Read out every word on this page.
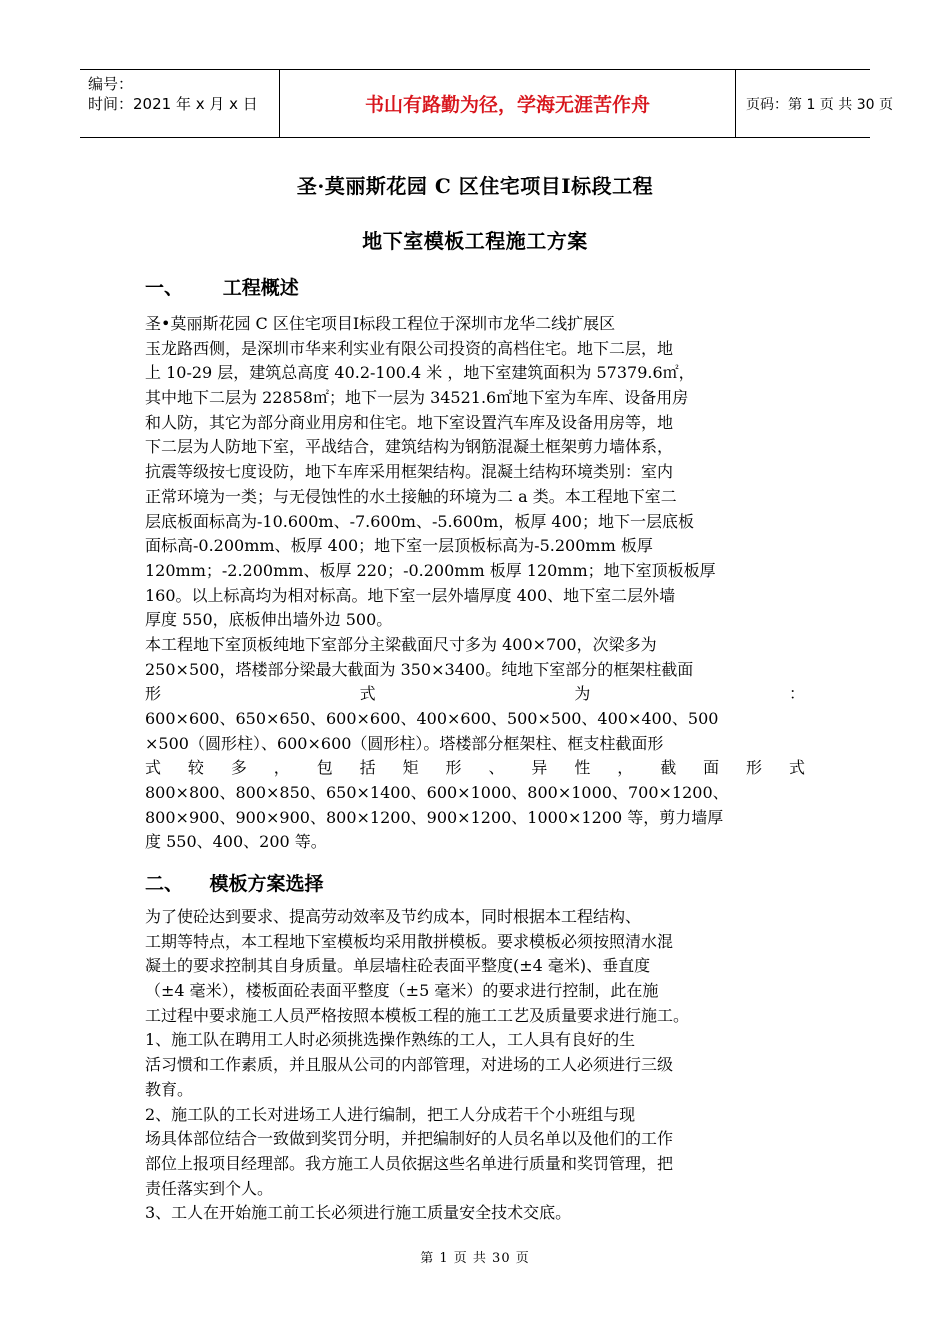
编号：
时间：2021 年 x 月 x 日	书山有路勤为径，学海无涯苦作舟	页码：第 1 页 共 30 页
圣·莫丽斯花园 C 区住宅项目Ⅰ标段工程
地下室模板工程施工方案
一、      工程概述
圣•莫丽斯花园 C 区住宅项目Ⅰ标段工程位于深圳市龙华二线扩展区
玉龙路西侧，是深圳市华来利实业有限公司投资的高档住宅。地下二层，地
上 10-29 层，建筑总高度 40.2-100.4 米 ，地下室建筑面积为 57379.6㎡，
其中地下二层为 22858㎡；地下一层为 34521.6㎡地下室为车库、设备用房
和人防，其它为部分商业用房和住宅。地下室设置汽车库及设备用房等，地
下二层为人防地下室，平战结合，建筑结构为钢筋混凝土框架剪力墙体系，
抗震等级按七度设防，地下车库采用框架结构。混凝土结构环境类别：室内
正常环境为一类；与无侵蚀性的水土接触的环境为二 a 类。本工程地下室二
层底板面标高为-10.600m、-7.600m、-5.600m，板厚 400；地下一层底板
面标高-0.200mm、板厚 400；地下室一层顶板标高为-5.200mm 板厚
120mm；-2.200mm、板厚 220；-0.200mm 板厚 120mm；地下室顶板板厚
160。以上标高均为相对标高。地下室一层外墙厚度 400、地下室二层外墙
厚度 550，底板伸出墙外边 500。
本工程地下室顶板纯地下室部分主梁截面尺寸多为 400×700，次梁多为
250×500，塔楼部分梁最大截面为 350×3400。纯地下室部分的框架柱截面
形 式 为 ：
600×600、650×650、600×600、400×600、500×500、400×400、500
×500（圆形柱）、600×600（圆形柱）。塔楼部分框架柱、框支柱截面形
式 较 多 ， 包 括 矩 形 、 异 性 ， 截 面 形 式
800×800、800×850、650×1400、600×1000、800×1000、700×1200、
800×900、900×900、800×1200、900×1200、1000×1200 等，剪力墙厚
度 550、400、200 等。
二、    模板方案选择
为了使砼达到要求、提高劳动效率及节约成本，同时根据本工程结构、
工期等特点，本工程地下室模板均采用散拼模板。要求模板必须按照清水混
凝土的要求控制其自身质量。单层墙柱砼表面平整度(±4 毫米)、垂直度
（±4 毫米），楼板面砼表面平整度（±5 毫米）的要求进行控制，此在施
工过程中要求施工人员严格按照本模板工程的施工工艺及质量要求进行施工。
1、施工队在聘用工人时必须挑选操作熟练的工人，工人具有良好的生
活习惯和工作素质，并且服从公司的内部管理，对进场的工人必须进行三级
教育。
2、施工队的工长对进场工人进行编制，把工人分成若干个小班组与现
场具体部位结合一致做到奖罚分明，并把编制好的人员名单以及他们的工作
部位上报项目经理部。我方施工人员依据这些名单进行质量和奖罚管理，把
责任落实到个人。
3、工人在开始施工前工长必须进行施工质量安全技术交底。
第 1 页 共 30 页
